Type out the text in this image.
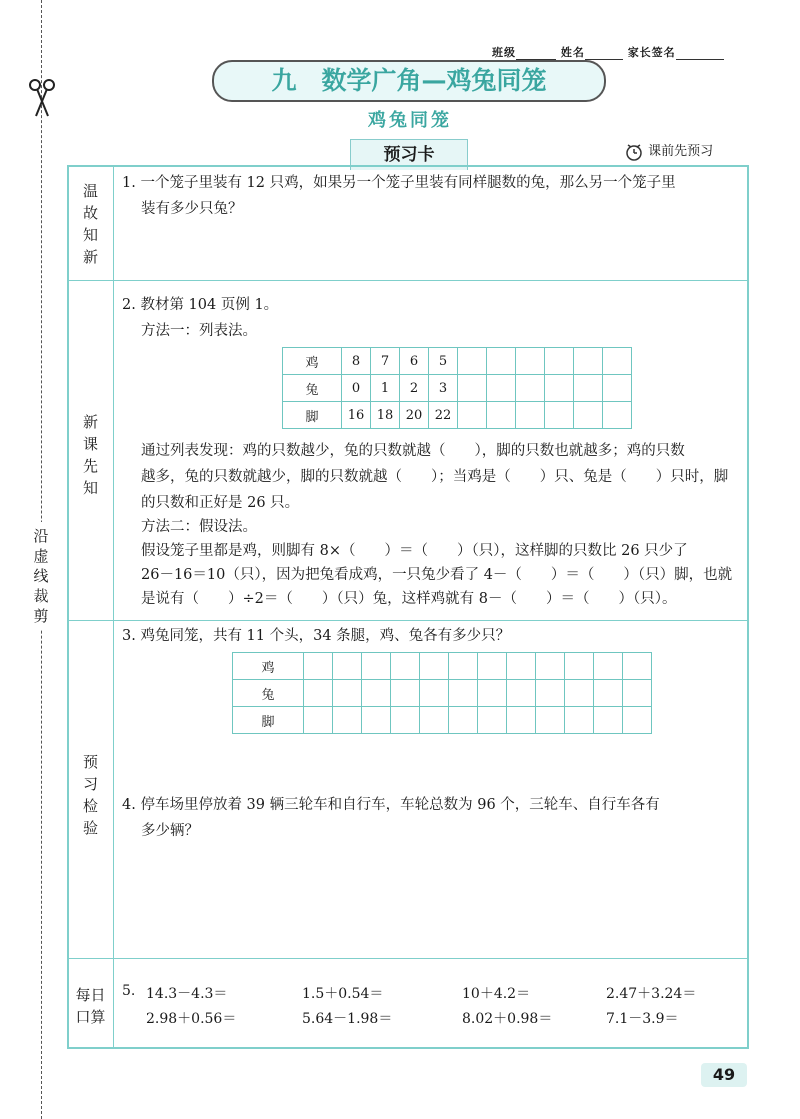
沿虚线裁剪
班级	姓名	家长签名
九　数学广角—鸡兔同笼
鸡兔同笼
预习卡	课前先预习
温故知新
新课先知
预习检验
每日口算
1. 一个笼子里装有 12 只鸡，如果另一个笼子里装有同样腿数的兔，那么另一个笼子里
装有多少只兔？
2. 教材第 104 页例 1。
方法一：列表法。
鸡	8	7	6	5						
兔	0	1	2	3						
脚	16	18	20	22						
通过列表发现：鸡的只数越少，兔的只数就越（　　），脚的只数也就越多；鸡的只数
越多，兔的只数就越少，脚的只数就越（　　）；当鸡是（　　）只、兔是（　　）只时，脚
的只数和正好是 26 只。
方法二：假设法。
假设笼子里都是鸡，则脚有 8×（　　）＝（　　）（只），这样脚的只数比 26 只少了
26－16＝10（只），因为把兔看成鸡，一只兔少看了 4－（　　）＝（　　）（只）脚，也就
是说有（　　）÷2＝（　　）（只）兔，这样鸡就有 8－（　　）＝（　　）（只）。
3. 鸡兔同笼，共有 11 个头，34 条腿，鸡、兔各有多少只？
鸡												
兔												
脚												
4. 停车场里停放着 39 辆三轮车和自行车，车轮总数为 96 个，三轮车、自行车各有
多少辆？
5. 14.3－4.3＝	1.5＋0.54＝	10＋4.2＝	2.47＋3.24＝
2.98＋0.56＝	5.64－1.98＝	8.02＋0.98＝	7.1－3.9＝
49
